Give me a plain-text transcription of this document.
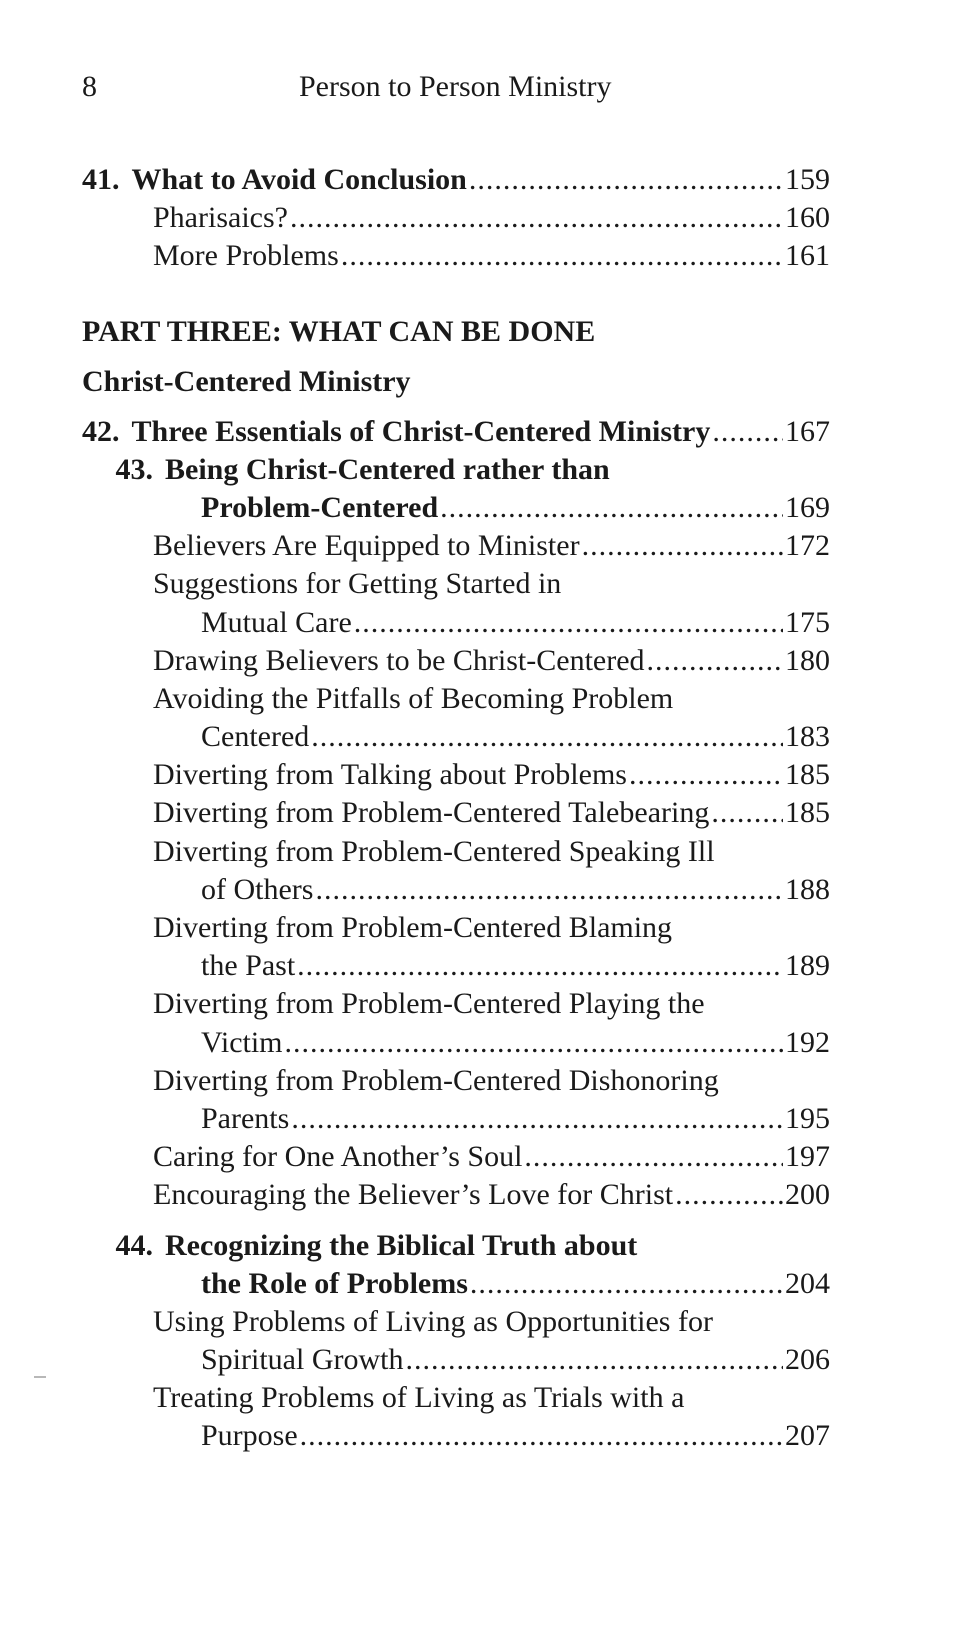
8	Person to Person Ministry
41. What to Avoid Conclusion .....	159
Pharisaics? .....	160
More Problems .....	161
PART THREE: WHAT CAN BE DONE
Christ-Centered Ministry
42. Three Essentials of Christ-Centered Ministry ..... 167
43. Being Christ-Centered rather than
Problem-Centered .....	169
Believers Are Equipped to Minister .....	172
Suggestions for Getting Started in
Mutual Care .....	175
Drawing Believers to be Christ-Centered .....	180
Avoiding the Pitfalls of Becoming Problem
Centered .....	183
Diverting from Talking about Problems .....	185
Diverting from Problem-Centered Talebearing .....	185
Diverting from Problem-Centered Speaking Ill
of Others .....	188
Diverting from Problem-Centered Blaming
the Past .....	189
Diverting from Problem-Centered Playing the
Victim .....	192
Diverting from Problem-Centered Dishonoring
Parents .....	195
Caring for One Another’s Soul .....	197
Encouraging the Believer’s Love for Christ .....	200
44. Recognizing the Biblical Truth about
the Role of Problems .....	204
Using Problems of Living as Opportunities for
Spiritual Growth .....	206
Treating Problems of Living as Trials with a
Purpose .....	207
